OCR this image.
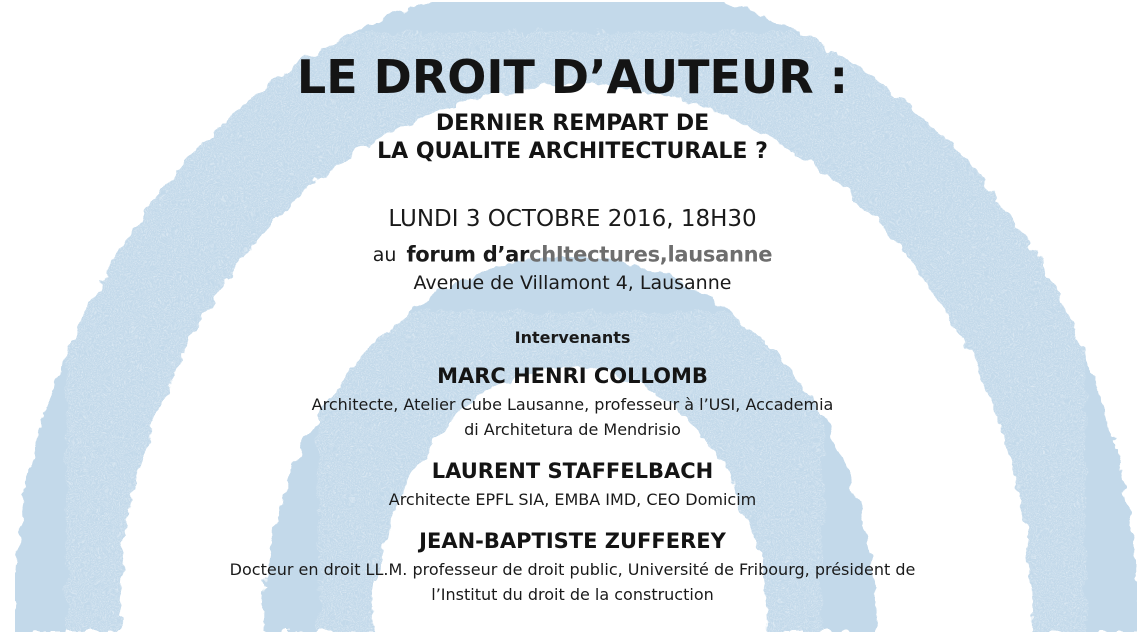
LE DROIT D’AUTEUR :
DERNIER REMPART DE
LA QUALITE ARCHITECTURALE ?
LUNDI 3 OCTOBRE 2016, 18H30
au forum d’archItectures,lausanne
Avenue de Villamont 4, Lausanne
Intervenants
MARC HENRI COLLOMB
Architecte, Atelier Cube Lausanne, professeur à l’USI, Accademia
di Architetura de Mendrisio
LAURENT STAFFELBACH
Architecte EPFL SIA, EMBA IMD, CEO Domicim
JEAN-BAPTISTE ZUFFEREY
Docteur en droit LL.M. professeur de droit public, Université de Fribourg, président de
l’Institut du droit de la construction
